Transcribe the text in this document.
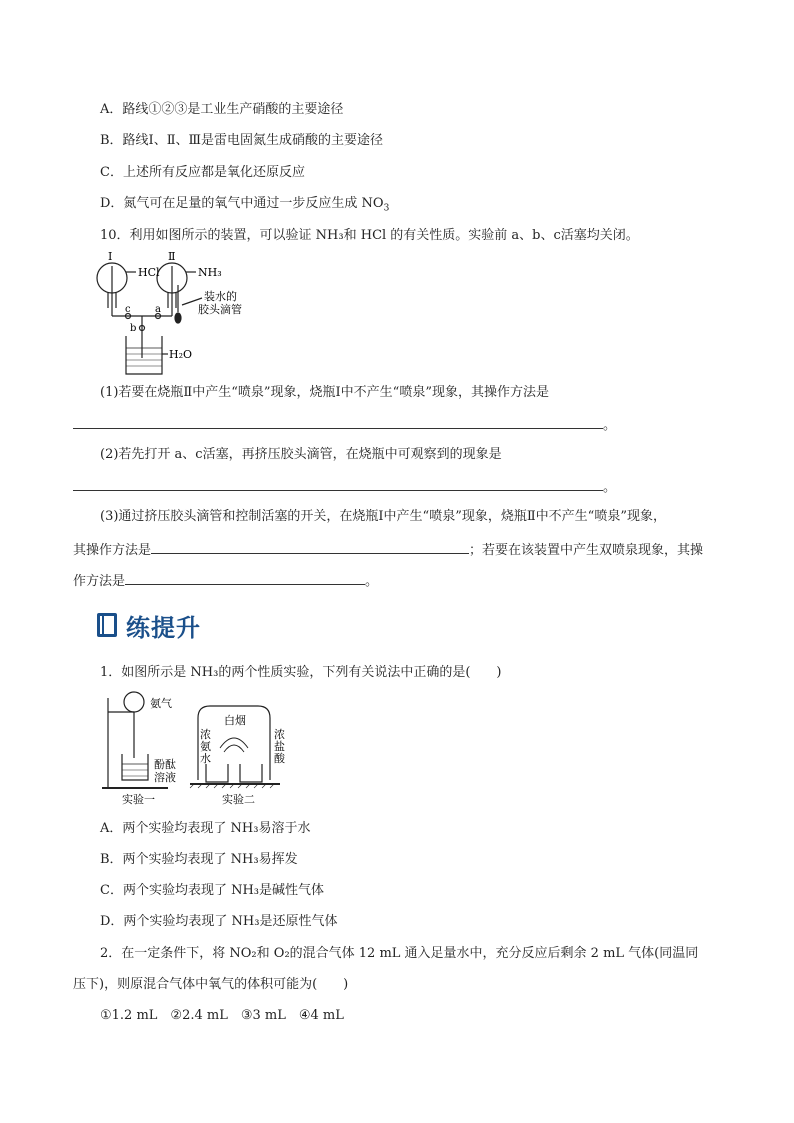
A．路线①②③是工业生产硝酸的主要途径
B．路线Ⅰ、Ⅱ、Ⅲ是雷电固氮生成硝酸的主要途径
C．上述所有反应都是氧化还原反应
D．氮气可在足量的氧气中通过一步反应生成 $NO_3$
10．利用如图所示的装置，可以验证 NH₃和 HCl 的有关性质。实验前 a、b、c活塞均关闭。
Ⅰ
HCl
Ⅱ
NH₃
装水的
胶头滴管
c a
b
H₂O
(1)若要在烧瓶Ⅱ中产生“喷泉”现象，烧瓶Ⅰ中不产生“喷泉”现象，其操作方法是
。
(2)若先打开 a、c活塞，再挤压胶头滴管，在烧瓶中可观察到的现象是
。
(3)通过挤压胶头滴管和控制活塞的开关，在烧瓶Ⅰ中产生“喷泉”现象，烧瓶Ⅱ中不产生“喷泉”现象，
其操作方法是	；若要在该装置中产生双喷泉现象，其操
作方法是	。
练提升
1．如图所示是 NH₃的两个性质实验，下列有关说法中正确的是(　　)
氨气
酚酞
溶液
实验一
白烟
浓
氨
水
浓
盐
酸
实验二
A．两个实验均表现了 NH₃易溶于水
B．两个实验均表现了 NH₃易挥发
C．两个实验均表现了 NH₃是碱性气体
D．两个实验均表现了 NH₃是还原性气体
2．在一定条件下，将 NO₂和 O₂的混合气体 12 mL 通入足量水中，充分反应后剩余 2 mL 气体(同温同
压下)，则原混合气体中氧气的体积可能为(　　)
①1.2 mL　②2.4 mL　③3 mL　④4 mL
